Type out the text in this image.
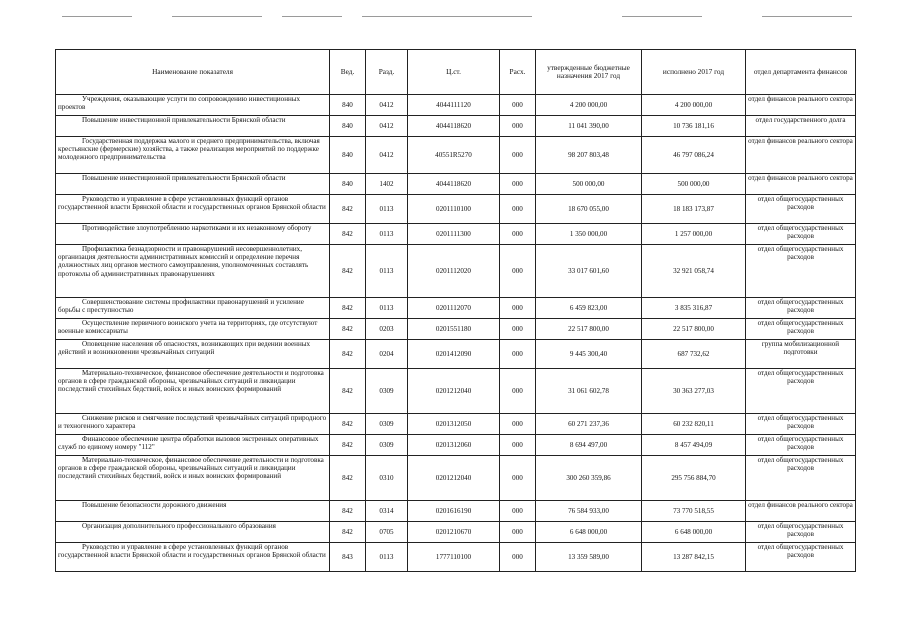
Наименование показателя	Вед.	Разд.	Ц.ст.	Расх.	утвержденные бюджетные назначения 2017 год	исполнено 2017 год	отдел департамента финансов
Учреждения, оказывающие услуги по сопровождению инвестиционных проектов	840	0412	4044111120	000	4 200 000,00	4 200 000,00	отдел финансов реального сектора
Повышение инвестиционной привлекательности Брянской области	840	0412	4044118620	000	11 041 390,00	10 736 181,16	отдел государственного долга
Государственная поддержка малого и среднего предпринимательства, включая крестьянские (фермерские) хозяйства, а также реализация мероприятий по поддержке молодежного предпринимательства	840	0412	40551R5270	000	98 207 803,48	46 797 086,24	отдел финансов реального сектора
Повышение инвестиционной привлекательности Брянской области	840	1402	4044118620	000	500 000,00	500 000,00	отдел финансов реального сектора
Руководство и управление в сфере установленных функций органов государственной власти Брянской области и государственных органов Брянской области	842	0113	0201110100	000	18 670 055,00	18 183 173,87	отдел общегосударственных расходов
Противодействие злоупотреблению наркотиками и их незаконному обороту	842	0113	0201111300	000	1 350 000,00	1 257 000,00	отдел общегосударственных расходов
Профилактика безнадзорности и правонарушений несовершеннолетних, организация деятельности административных комиссий и определение перечня должностных лиц органов местного самоуправления, уполномоченных составлять протоколы об административных правонарушениях	842	0113	0201112020	000	33 017 601,60	32 921 058,74	отдел общегосударственных расходов
Совершенствование системы профилактики правонарушений и усиление борьбы с преступностью	842	0113	0201112070	000	6 459 823,00	3 835 316,87	отдел общегосударственных расходов
Осуществление первичного воинского учета на территориях, где отсутствуют военные комиссариаты	842	0203	0201551180	000	22 517 800,00	22 517 800,00	отдел общегосударственных расходов
Оповещение населения об опасностях, возникающих при ведении военных действий и возникновении чрезвычайных ситуаций	842	0204	0201412090	000	9 445 300,40	687 732,62	группа мобилизационной подготовки
Материально-техническое, финансовое обеспечение деятельности и подготовка органов в сфере гражданской обороны, чрезвычайных ситуаций и ликвидации последствий стихийных бедствий, войск и иных воинских формирований	842	0309	0201212040	000	31 061 602,78	30 363 277,03	отдел общегосударственных расходов
Снижение рисков и смягчение последствий чрезвычайных ситуаций природного и техногенного характера	842	0309	0201312050	000	60 271 237,36	60 232 820,11	отдел общегосударственных расходов
Финансовое обеспечение центра обработки вызовов экстренных оперативных служб по единому номеру "112"	842	0309	0201312060	000	8 694 497,00	8 457 494,09	отдел общегосударственных расходов
Материально-техническое, финансовое обеспечение деятельности и подготовка органов в сфере гражданской обороны, чрезвычайных ситуаций и ликвидации последствий стихийных бедствий, войск и иных воинских формирований	842	0310	0201212040	000	300 260 359,86	295 756 884,70	отдел общегосударственных расходов
Повышение безопасности дорожного движения	842	0314	0201616190	000	76 584 933,00	73 770 518,55	отдел финансов реального сектора
Организация дополнительного профессионального образования	842	0705	0201210670	000	6 648 000,00	6 648 000,00	отдел общегосударственных расходов
Руководство и управление в сфере установленных функций органов государственной власти Брянской области и государственных органов Брянской области	843	0113	1777110100	000	13 359 589,00	13 287 842,15	отдел общегосударственных расходов
